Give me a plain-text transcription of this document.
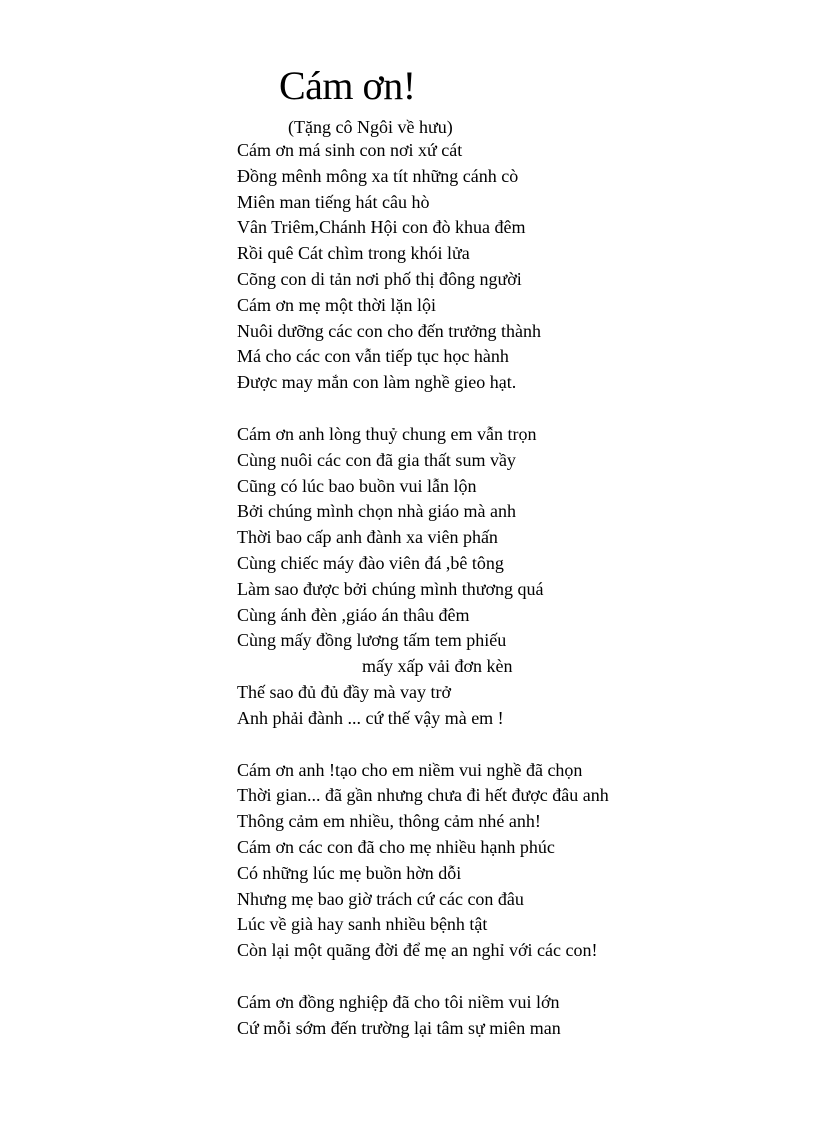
Cám ơn!
(Tặng cô Ngôi về hưu)
Cám ơn má sinh con nơi xứ cát
Đồng mênh mông xa tít những cánh cò
Miên man tiếng hát câu hò
Vân Triêm,Chánh Hội con đò khua đêm
Rồi quê Cát chìm trong khói lửa
Cõng con di tản nơi phố thị đông người
Cám ơn mẹ một thời lặn lội
Nuôi dưỡng các con cho đến trưởng thành
Má cho các con vẫn tiếp tục học hành
Được may mắn con làm nghề gieo hạt.
Cám ơn anh lòng thuỷ chung em vẫn trọn
Cùng nuôi các con đã gia thất sum vầy
Cũng có lúc bao buồn vui lẫn lộn
Bởi chúng mình chọn nhà giáo mà anh
Thời bao cấp anh đành xa viên phấn
Cùng chiếc máy đào viên đá ,bê tông
Làm sao được bởi chúng mình thương quá
Cùng ánh đèn ,giáo án thâu đêm
Cùng mấy đồng lương tấm tem phiếu
mấy xấp vải đơn kèn
Thế sao đủ đủ đầy mà vay trở
Anh phải đành ... cứ thế vậy mà em !
Cám ơn anh !tạo cho em niềm vui nghề đã chọn
Thời gian... đã gần nhưng chưa đi hết được đâu anh
Thông cảm em nhiều, thông cảm nhé anh!
Cám ơn các con đã cho mẹ nhiều hạnh phúc
Có những lúc mẹ buồn hờn dỗi
Nhưng mẹ bao giờ trách cứ các con đâu
Lúc về già hay sanh nhiều bệnh tật
Còn lại một quãng đời để mẹ an nghỉ với các con!
Cám ơn đồng nghiệp đã cho tôi niềm vui lớn
Cứ mỗi sớm đến trường lại tâm sự miên man
